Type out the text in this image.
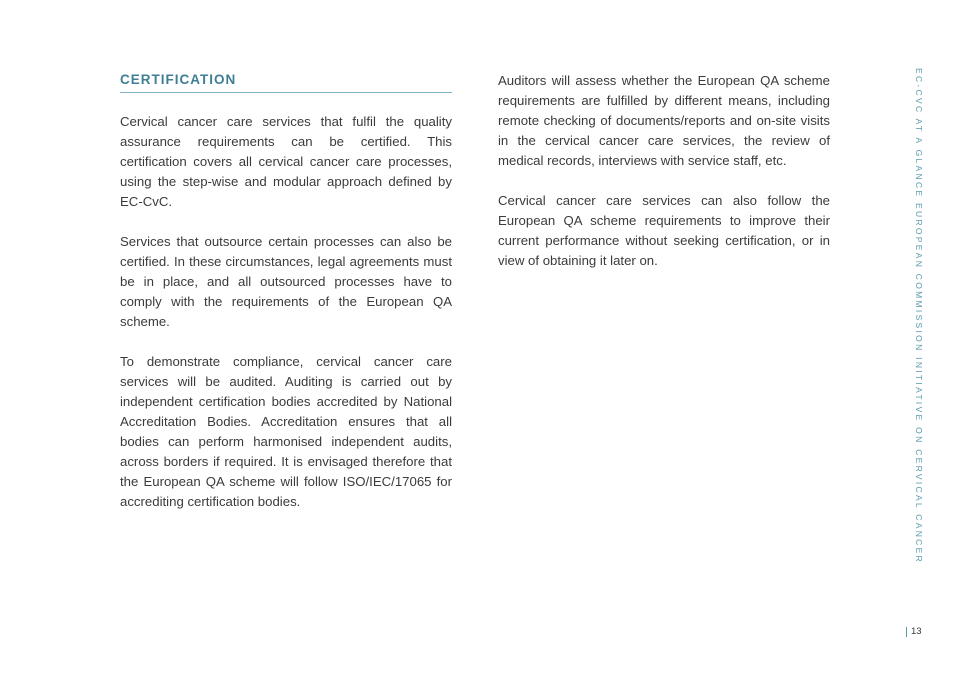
CERTIFICATION

Cervical cancer care services that fulfil the quality assurance requirements can be certified. This certification covers all cervical cancer care processes, using the step-wise and modular approach defined by EC-CvC.

Services that outsource certain processes can also be certified. In these circumstances, legal agreements must be in place, and all outsourced processes have to comply with the requirements of the European QA scheme.

To demonstrate compliance, cervical cancer care services will be audited. Auditing is carried out by independent certification bodies accredited by National Accreditation Bodies. Accreditation ensures that all bodies can perform harmonised independent audits, across borders if required. It is envisaged therefore that the European QA scheme will follow ISO/IEC/17065 for accrediting certification bodies.

Auditors will assess whether the European QA scheme requirements are fulfilled by different means, including remote checking of documents/reports and on-site visits in the cervical cancer care services, the review of medical records, interviews with service staff, etc.

Cervical cancer care services can also follow the European QA scheme requirements to improve their current performance without seeking certification, or in view of obtaining it later on.	EC-CVC AT A GLANCE EUROPEAN COMMISSION INITIATIVE ON CERVICAL CANCER
13
